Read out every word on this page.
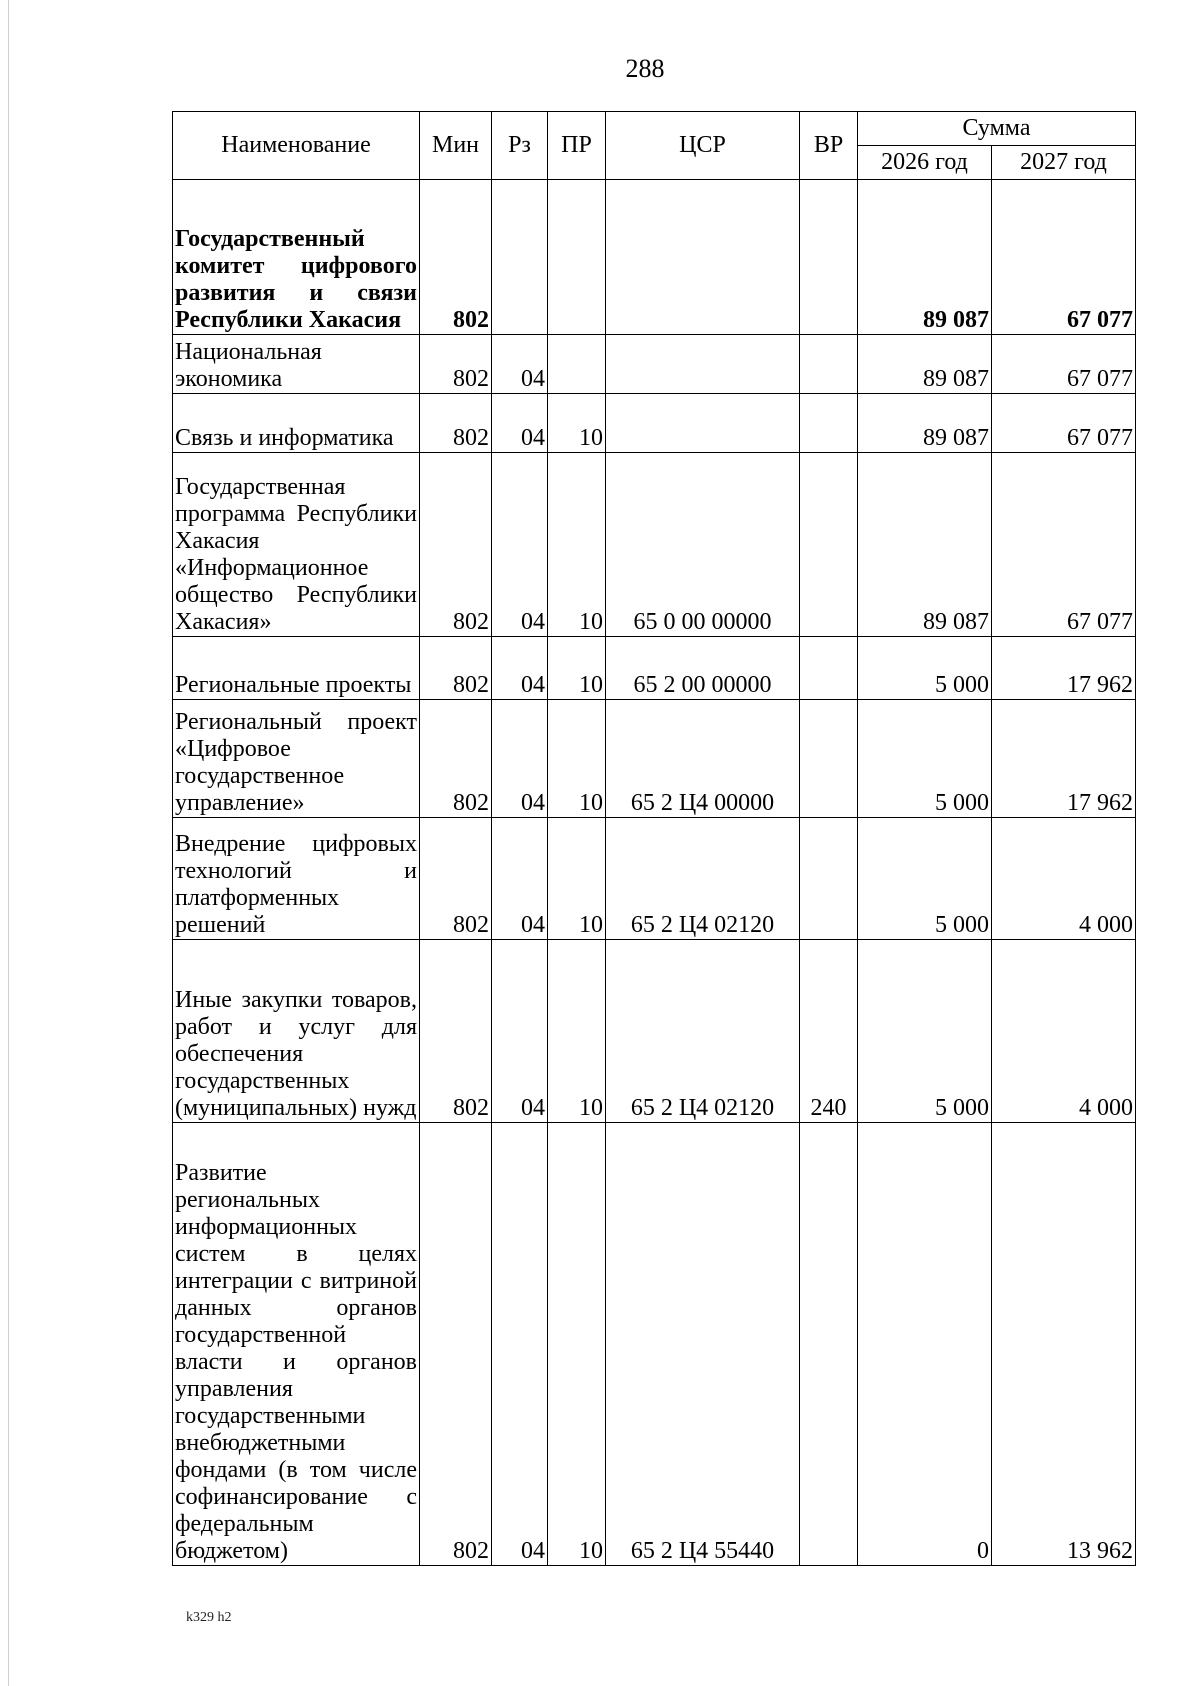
288
Наименование	Мин	Рз	ПР	ЦСР	ВР	Сумма	
						2026 год	2027 год
Государственный комитет цифрового развития и связи Республики Хакасия	802					89 087	67 077
Национальная экономика	802	04				89 087	67 077
Связь и информатика	802	04	10			89 087	67 077
Государственная программа Республики Хакасия «Информационное общество Республики Хакасия»	802	04	10	65 0 00 00000		89 087	67 077
Региональные проекты	802	04	10	65 2 00 00000		5 000	17 962
Региональный проект «Цифровое государственное управление»	802	04	10	65 2 Ц4 00000		5 000	17 962
Внедрение цифровых технологий и платформенных решений	802	04	10	65 2 Ц4 02120		5 000	4 000
Иные закупки товаров, работ и услуг для обеспечения государственных (муниципальных) нужд	802	04	10	65 2 Ц4 02120	240	5 000	4 000
Развитие региональных информационных систем в целях интеграции с витриной данных органов государственной власти и органов управления государственными внебюджетными фондами (в том числе софинансирование с федеральным бюджетом)	802	04	10	65 2 Ц4 55440		0	13 962
k329 h2
